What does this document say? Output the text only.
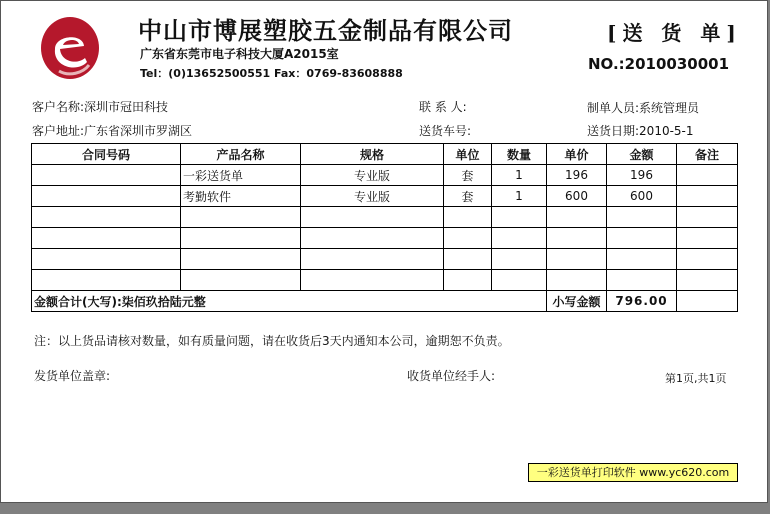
中山市博展塑胶五金制品有限公司
广东省东莞市电子科技大厦A2015室
Tel：(0)13652500551 Fax：0769-83608888
[送 货 单]
NO.:2010030001
客户名称:深圳市冠田科技	联 系 人:	制单人员:系统管理员
客户地址:广东省深圳市罗湖区	送货车号:	送货日期:2010-5-1
合同号码	产品名称	规格	单位	数量	单价	金额	备注
	一彩送货单	专业版	套	1	196	196	
	考勤软件	专业版	套	1	600	600	

金额合计(大写):柒佰玖拾陆元整					小写金额	796.00	
注：以上货品请核对数量，如有质量问题，请在收货后3天内通知本公司，逾期恕不负责。
发货单位盖章:	收货单位经手人:	第1页,共1页
一彩送货单打印软件 www.yc620.com
